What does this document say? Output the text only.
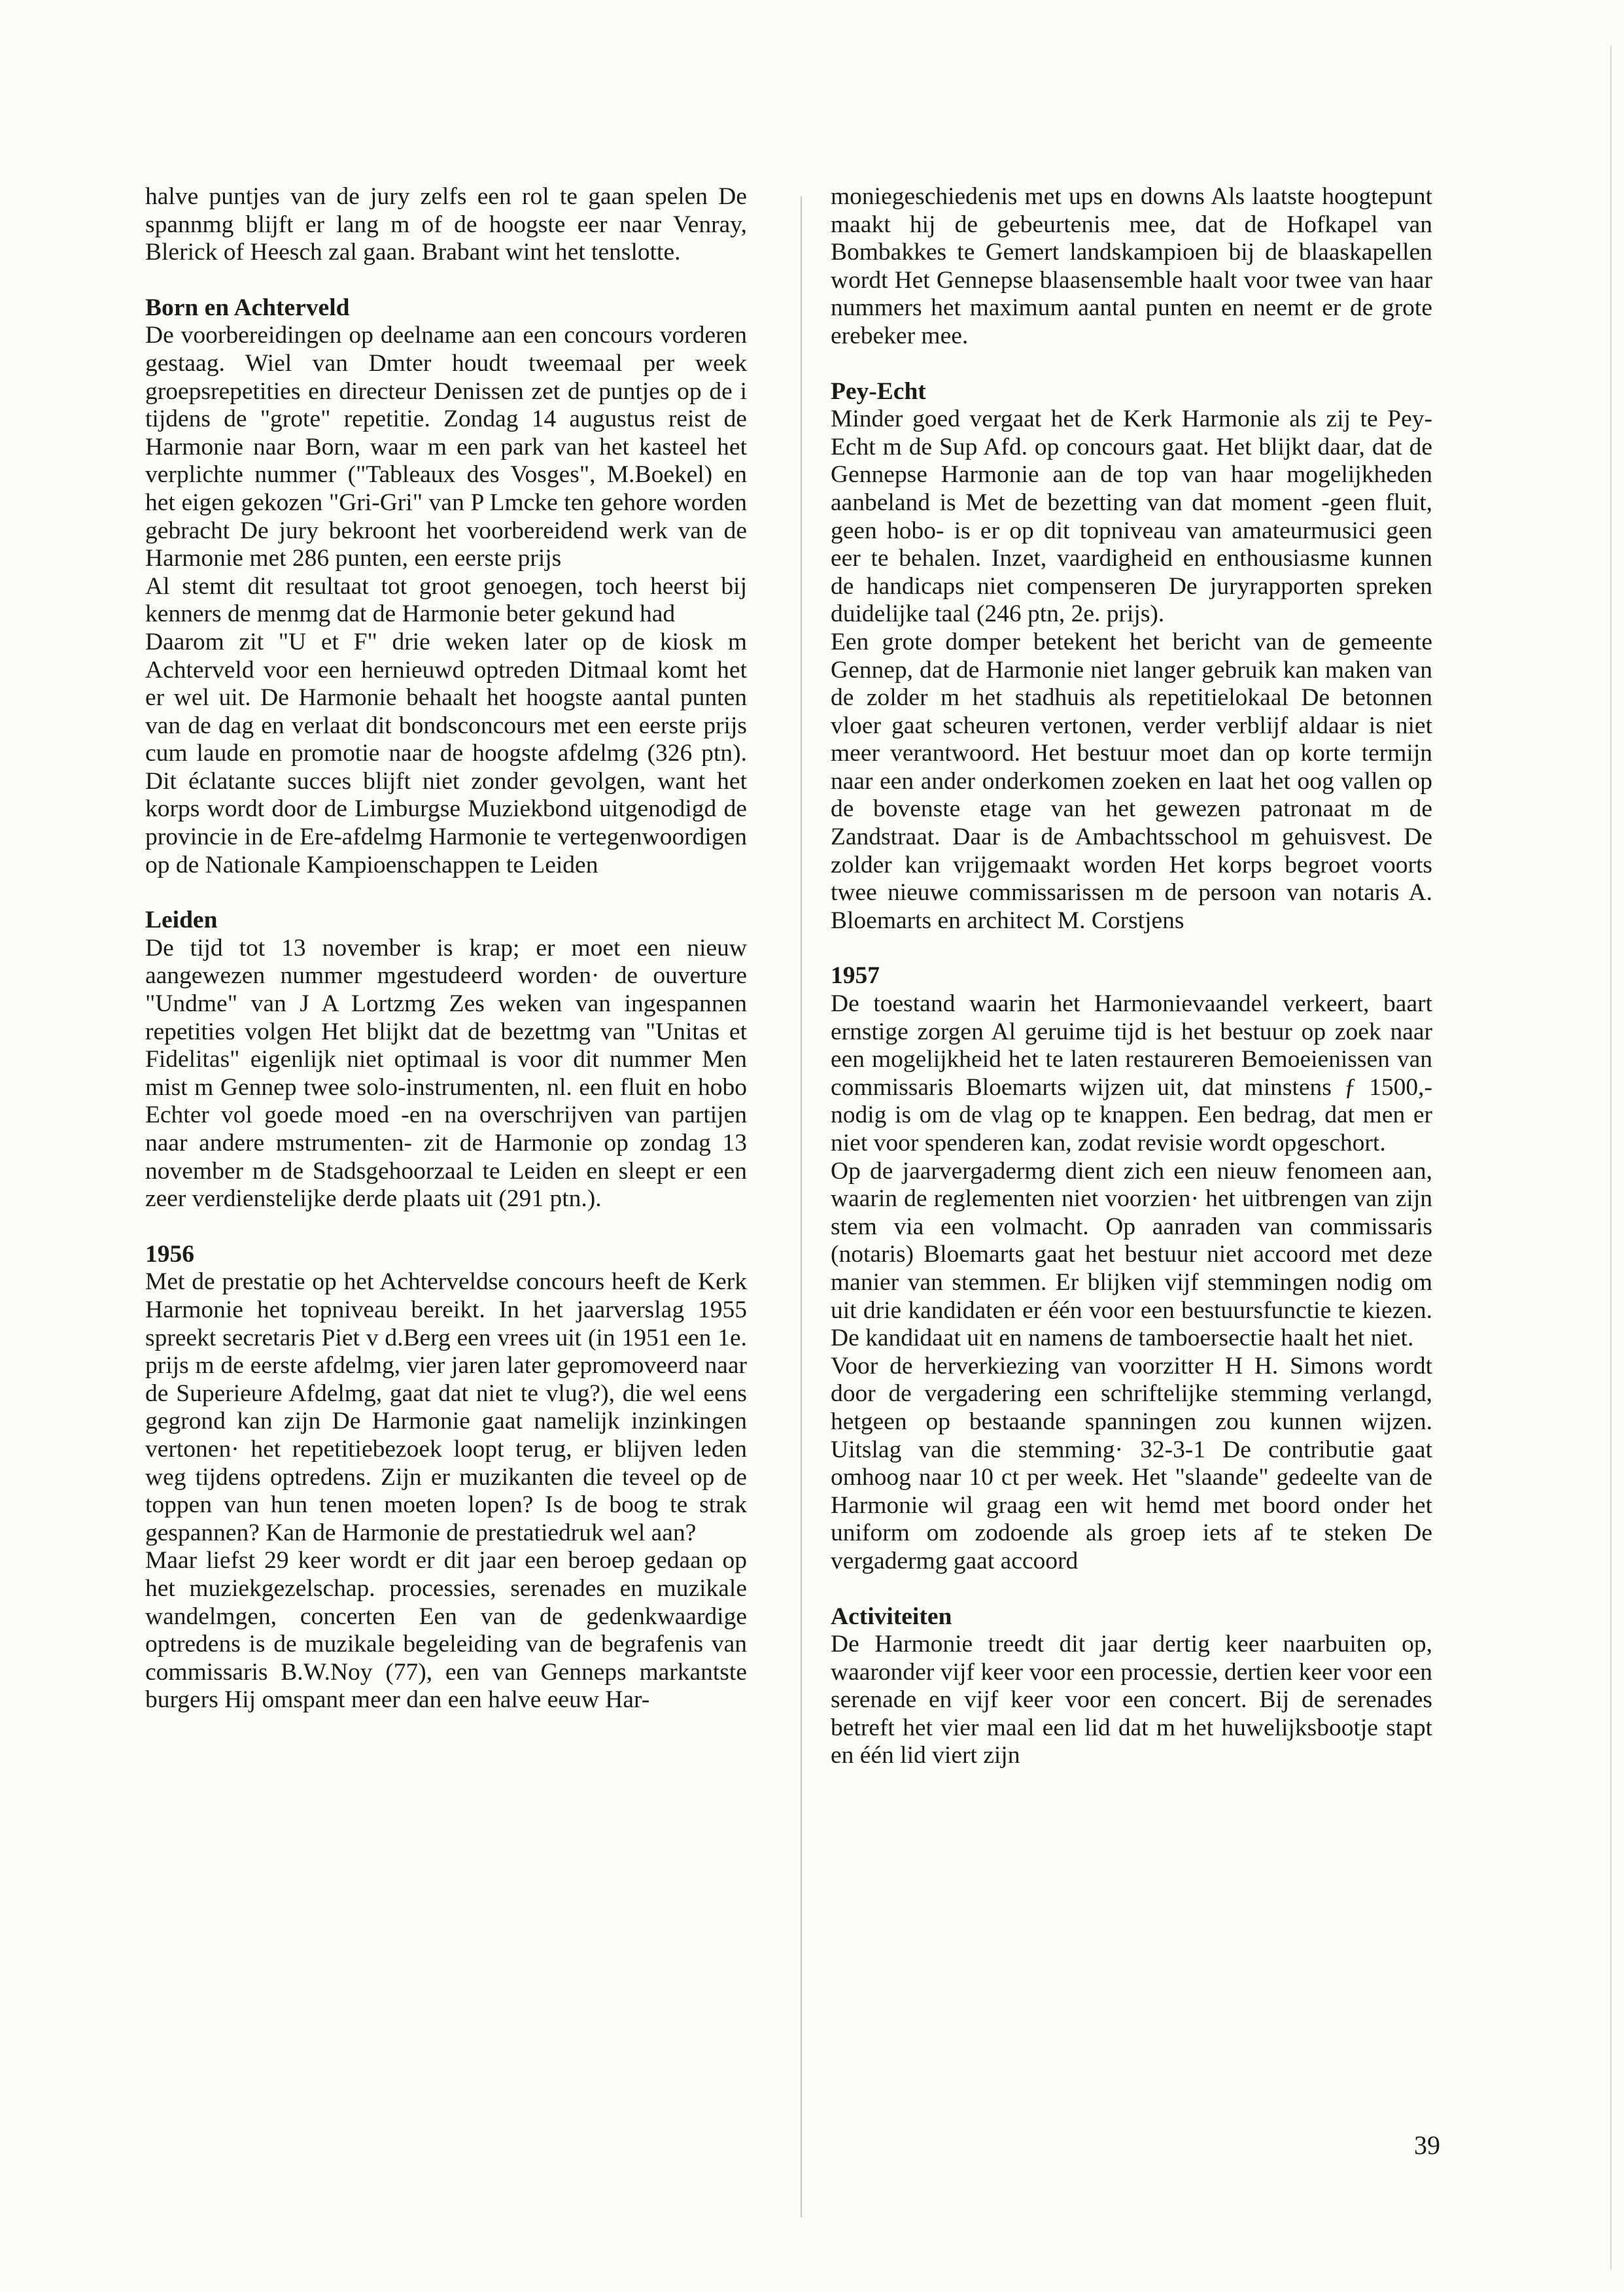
halve puntjes van de jury zelfs een rol te gaan spelen De spannmg blijft er lang m of de hoogste eer naar Venray, Blerick of Heesch zal gaan. Brabant wint het tenslotte.

Born en Achterveld

De voorbereidingen op deelname aan een concours vorderen gestaag. Wiel van Dmter houdt tweemaal per week groepsrepetities en directeur Denissen zet de puntjes op de i tijdens de "grote" repetitie. Zondag 14 augustus reist de Harmonie naar Born, waar m een park van het kasteel het verplichte nummer ("Tableaux des Vosges", M.Boekel) en het eigen gekozen "Gri-Gri" van P Lmcke ten gehore worden gebracht De jury bekroont het voorbereidend werk van de Harmonie met 286 punten, een eerste prijs

Al stemt dit resultaat tot groot genoegen, toch heerst bij kenners de menmg dat de Harmonie beter gekund had

Daarom zit "U et F" drie weken later op de kiosk m Achterveld voor een hernieuwd optreden Ditmaal komt het er wel uit. De Harmonie behaalt het hoogste aantal punten van de dag en verlaat dit bondsconcours met een eerste prijs cum laude en promotie naar de hoogste afdelmg (326 ptn). Dit éclatante succes blijft niet zonder gevolgen, want het korps wordt door de Limburgse Muziekbond uitgenodigd de provincie in de Ere-afdelmg Harmonie te vertegenwoordigen op de Nationale Kampioenschappen te Leiden

Leiden

De tijd tot 13 november is krap; er moet een nieuw aangewezen nummer mgestudeerd worden· de ouverture "Undme" van J A Lortzmg Zes weken van ingespannen repetities volgen Het blijkt dat de bezettmg van "Unitas et Fidelitas" eigenlijk niet optimaal is voor dit nummer Men mist m Gennep twee solo-instrumenten, nl. een fluit en hobo Echter vol goede moed -en na overschrijven van partijen naar andere mstrumenten- zit de Harmonie op zondag 13 november m de Stadsgehoorzaal te Leiden en sleept er een zeer verdienstelijke derde plaats uit (291 ptn.).

1956

Met de prestatie op het Achterveldse concours heeft de Kerk Harmonie het topniveau bereikt. In het jaarverslag 1955 spreekt secretaris Piet v d.Berg een vrees uit (in 1951 een 1e. prijs m de eerste afdelmg, vier jaren later gepromoveerd naar de Superieure Afdelmg, gaat dat niet te vlug?), die wel eens gegrond kan zijn De Harmonie gaat namelijk inzinkingen vertonen· het repetitiebezoek loopt terug, er blijven leden weg tijdens optredens. Zijn er muzikanten die teveel op de toppen van hun tenen moeten lopen? Is de boog te strak gespannen? Kan de Harmonie de prestatiedruk wel aan?

Maar liefst 29 keer wordt er dit jaar een beroep gedaan op het muziekgezelschap. processies, serenades en muzikale wandelmgen, concerten Een van de gedenkwaardige optredens is de muzikale begeleiding van de begrafenis van commissaris B.W.Noy (77), een van Genneps markantste burgers Hij omspant meer dan een halve eeuw Har-

moniegeschiedenis met ups en downs Als laatste hoogtepunt maakt hij de gebeurtenis mee, dat de Hofkapel van Bombakkes te Gemert landskampioen bij de blaaskapellen wordt Het Gennepse blaasensemble haalt voor twee van haar nummers het maximum aantal punten en neemt er de grote erebeker mee.

Pey-Echt

Minder goed vergaat het de Kerk Harmonie als zij te Pey-Echt m de Sup Afd. op concours gaat. Het blijkt daar, dat de Gennepse Harmonie aan de top van haar mogelijkheden aanbeland is Met de bezetting van dat moment -geen fluit, geen hobo- is er op dit topniveau van amateurmusici geen eer te behalen. Inzet, vaardigheid en enthousiasme kunnen de handicaps niet compenseren De juryrapporten spreken duidelijke taal (246 ptn, 2e. prijs).

Een grote domper betekent het bericht van de gemeente Gennep, dat de Harmonie niet langer gebruik kan maken van de zolder m het stadhuis als repetitielokaal De betonnen vloer gaat scheuren vertonen, verder verblijf aldaar is niet meer verantwoord. Het bestuur moet dan op korte termijn naar een ander onderkomen zoeken en laat het oog vallen op de bovenste etage van het gewezen patronaat m de Zandstraat. Daar is de Ambachtsschool m gehuisvest. De zolder kan vrijgemaakt worden Het korps begroet voorts twee nieuwe commissarissen m de persoon van notaris A. Bloemarts en architect M. Corstjens

1957

De toestand waarin het Harmonievaandel verkeert, baart ernstige zorgen Al geruime tijd is het bestuur op zoek naar een mogelijkheid het te laten restaureren Bemoeienissen van commissaris Bloemarts wijzen uit, dat minstens ƒ 1500,- nodig is om de vlag op te knappen. Een bedrag, dat men er niet voor spenderen kan, zodat revisie wordt opgeschort.

Op de jaarvergadermg dient zich een nieuw fenomeen aan, waarin de reglementen niet voorzien· het uitbrengen van zijn stem via een volmacht. Op aanraden van commissaris (notaris) Bloemarts gaat het bestuur niet accoord met deze manier van stemmen. Er blijken vijf stemmingen nodig om uit drie kandidaten er één voor een bestuursfunctie te kiezen. De kandidaat uit en namens de tamboersectie haalt het niet.

Voor de herverkiezing van voorzitter H H. Simons wordt door de vergadering een schriftelijke stemming verlangd, hetgeen op bestaande spanningen zou kunnen wijzen. Uitslag van die stemming· 32-3-1 De contributie gaat omhoog naar 10 ct per week. Het "slaande" gedeelte van de Harmonie wil graag een wit hemd met boord onder het uniform om zodoende als groep iets af te steken De vergadermg gaat accoord

Activiteiten

De Harmonie treedt dit jaar dertig keer naarbuiten op, waaronder vijf keer voor een processie, dertien keer voor een serenade en vijf keer voor een concert. Bij de serenades betreft het vier maal een lid dat m het huwelijksbootje stapt en één lid viert zijn

39
